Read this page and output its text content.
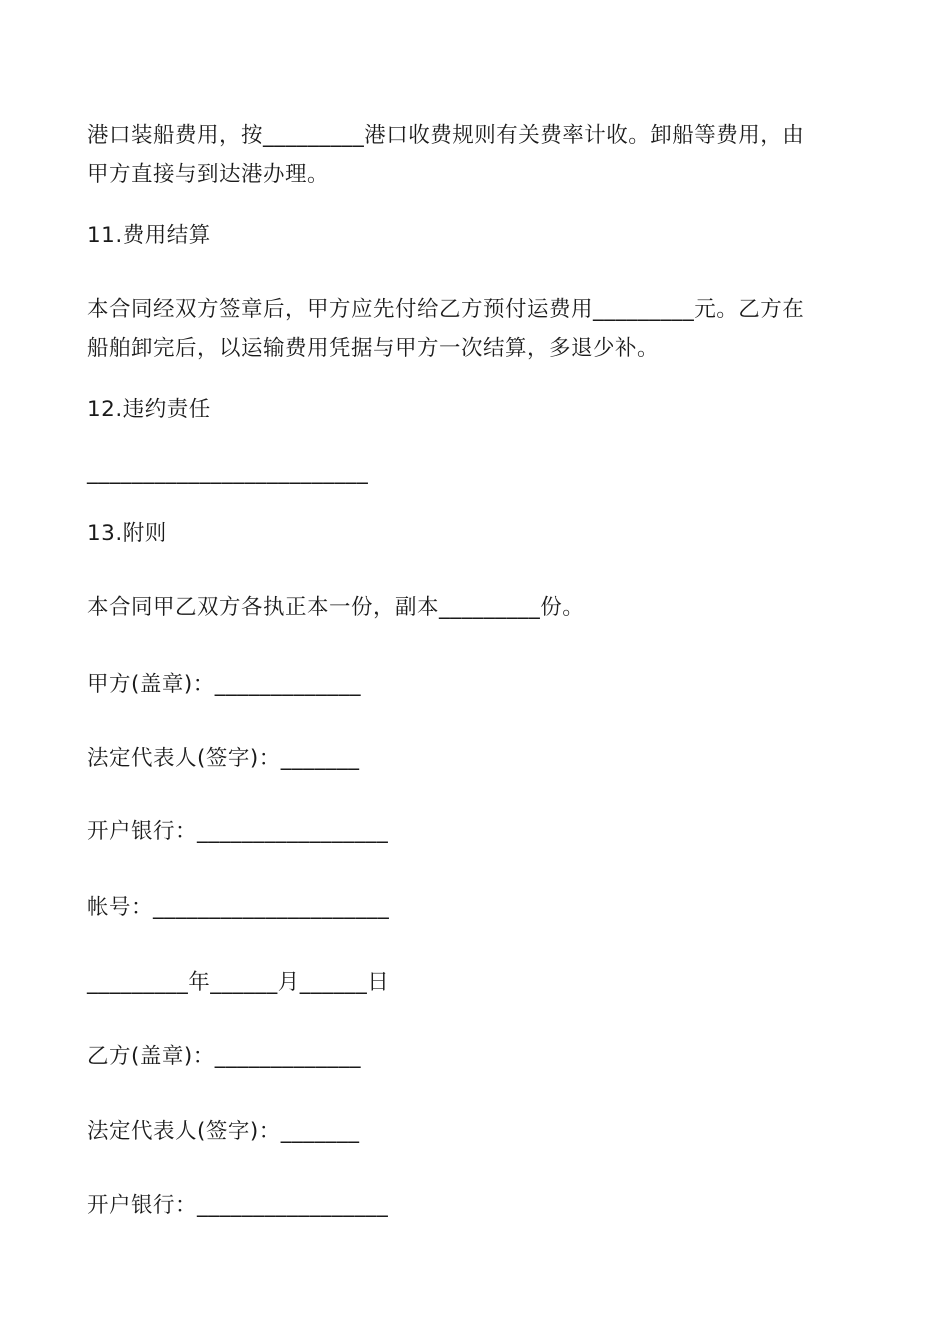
港口装船费用，按_________港口收费规则有关费率计收。卸船等费用，由
甲方直接与到达港办理。
11.费用结算
本合同经双方签章后，甲方应先付给乙方预付运费用_________元。乙方在
船舶卸完后，以运输费用凭据与甲方一次结算，多退少补。
12.违约责任
_________________________
13.附则
本合同甲乙双方各执正本一份，副本_________份。
甲方(盖章)：_____________
法定代表人(签字)：_______
开户银行：_________________
帐号：_____________________
_________年______月______日
乙方(盖章)：_____________
法定代表人(签字)：_______
开户银行：_________________
